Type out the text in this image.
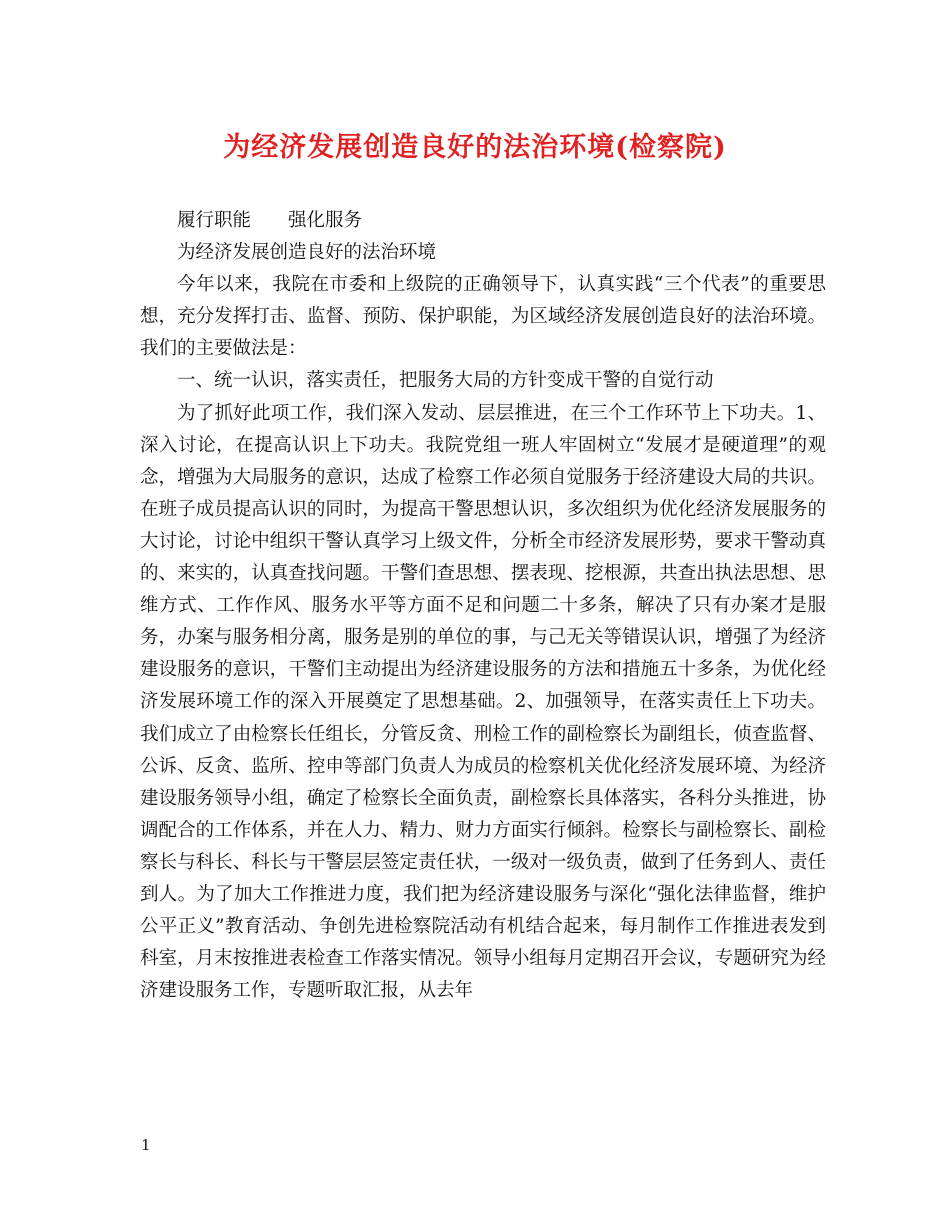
为经济发展创造良好的法治环境(检察院)

履行职能　　强化服务

为经济发展创造良好的法治环境

今年以来，我院在市委和上级院的正确领导下，认真实践“三个代表”的重要思想，充分发挥打击、监督、预防、保护职能，为区域经济发展创造良好的法治环境。我们的主要做法是：

一、统一认识，落实责任，把服务大局的方针变成干警的自觉行动

为了抓好此项工作，我们深入发动、层层推进，在三个工作环节上下功夫。1、深入讨论，在提高认识上下功夫。我院党组一班人牢固树立“发展才是硬道理”的观念，增强为大局服务的意识，达成了检察工作必须自觉服务于经济建设大局的共识。在班子成员提高认识的同时，为提高干警思想认识，多次组织为优化经济发展服务的大讨论，讨论中组织干警认真学习上级文件，分析全市经济发展形势，要求干警动真的、来实的，认真查找问题。干警们查思想、摆表现、挖根源，共查出执法思想、思维方式、工作作风、服务水平等方面不足和问题二十多条，解决了只有办案才是服务，办案与服务相分离，服务是别的单位的事，与己无关等错误认识，增强了为经济建设服务的意识，干警们主动提出为经济建设服务的方法和措施五十多条，为优化经济发展环境工作的深入开展奠定了思想基础。2、加强领导，在落实责任上下功夫。我们成立了由检察长任组长，分管反贪、刑检工作的副检察长为副组长，侦查监督、公诉、反贪、监所、控申等部门负责人为成员的检察机关优化经济发展环境、为经济建设服务领导小组，确定了检察长全面负责，副检察长具体落实，各科分头推进，协调配合的工作体系，并在人力、精力、财力方面实行倾斜。检察长与副检察长、副检察长与科长、科长与干警层层签定责任状，一级对一级负责，做到了任务到人、责任到人。为了加大工作推进力度，我们把为经济建设服务与深化“强化法律监督，维护公平正义”教育活动、争创先进检察院活动有机结合起来，每月制作工作推进表发到科室，月末按推进表检查工作落实情况。领导小组每月定期召开会议，专题研究为经济建设服务工作，专题听取汇报，从去年

1
